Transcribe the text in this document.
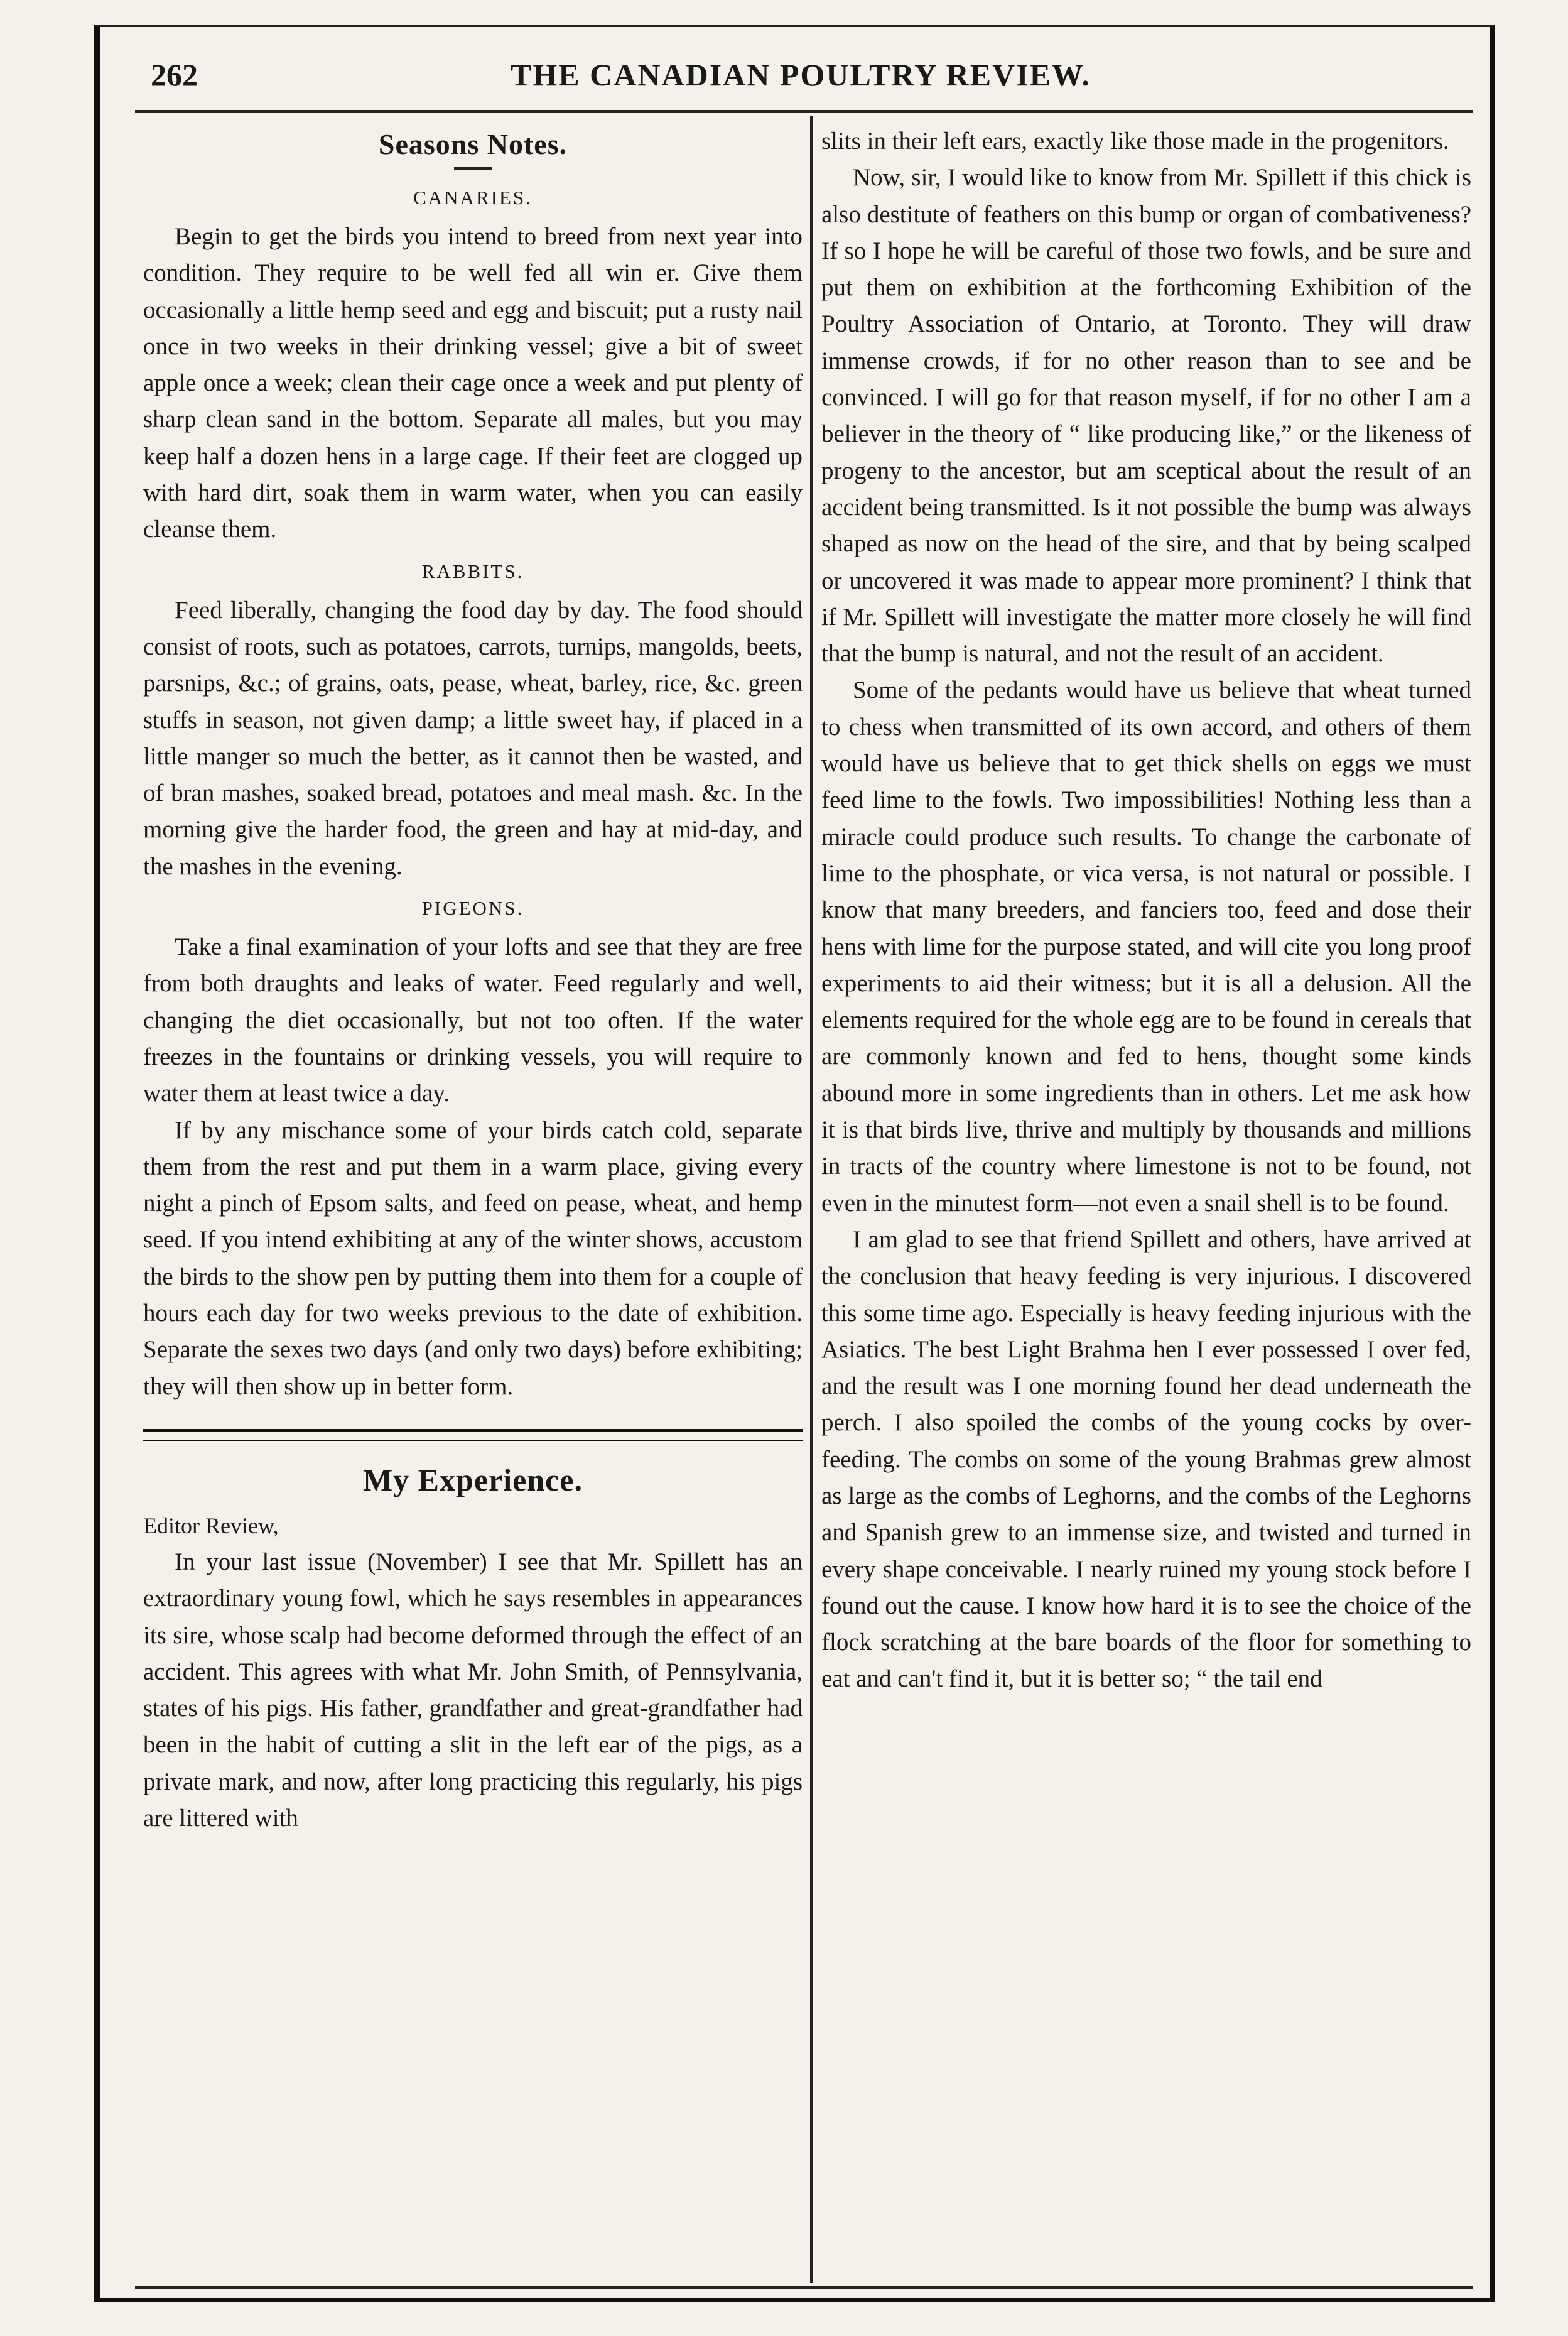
262	THE CANADIAN POULTRY REVIEW.
Seasons Notes.
CANARIES.

Begin to get the birds you intend to breed from next year into condition. They require to be well fed all win er. Give them occasionally a little hemp seed and egg and biscuit; put a rusty nail once in two weeks in their drinking vessel; give a bit of sweet apple once a week; clean their cage once a week and put plenty of sharp clean sand in the bottom. Separate all males, but you may keep half a dozen hens in a large cage. If their feet are clogged up with hard dirt, soak them in warm water, when you can easily cleanse them.

RABBITS.

Feed liberally, changing the food day by day. The food should consist of roots, such as potatoes, carrots, turnips, mangolds, beets, parsnips, &c.; of grains, oats, pease, wheat, barley, rice, &c. green stuffs in season, not given damp; a little sweet hay, if placed in a little manger so much the better, as it cannot then be wasted, and of bran mashes, soaked bread, potatoes and meal mash. &c. In the morning give the harder food, the green and hay at mid-day, and the mashes in the evening.

PIGEONS.

Take a final examination of your lofts and see that they are free from both draughts and leaks of water. Feed regularly and well, changing the diet occasionally, but not too often. If the water freezes in the fountains or drinking vessels, you will require to water them at least twice a day.

If by any mischance some of your birds catch cold, separate them from the rest and put them in a warm place, giving every night a pinch of Epsom salts, and feed on pease, wheat, and hemp seed. If you intend exhibiting at any of the winter shows, accustom the birds to the show pen by putting them into them for a couple of hours each day for two weeks previous to the date of exhibition. Separate the sexes two days (and only two days) before exhibiting; they will then show up in better form.

My Experience.
Editor Review,

In your last issue (November) I see that Mr. Spillett has an extraordinary young fowl, which he says resembles in appearances its sire, whose scalp had become deformed through the effect of an accident. This agrees with what Mr. John Smith, of Pennsylvania, states of his pigs. His father, grandfather and great-grandfather had been in the habit of cutting a slit in the left ear of the pigs, as a private mark, and now, after long practicing this regularly, his pigs are littered with

slits in their left ears, exactly like those made in the progenitors.

Now, sir, I would like to know from Mr. Spillett if this chick is also destitute of feathers on this bump or organ of combativeness? If so I hope he will be careful of those two fowls, and be sure and put them on exhibition at the forthcoming Exhibition of the Poultry Association of Ontario, at Toronto. They will draw immense crowds, if for no other reason than to see and be convinced. I will go for that reason myself, if for no other I am a believer in the theory of “ like producing like,” or the likeness of progeny to the ancestor, but am sceptical about the result of an accident being transmitted. Is it not possible the bump was always shaped as now on the head of the sire, and that by being scalped or uncovered it was made to appear more prominent? I think that if Mr. Spillett will investigate the matter more closely he will find that the bump is natural, and not the result of an accident.

Some of the pedants would have us believe that wheat turned to chess when transmitted of its own accord, and others of them would have us believe that to get thick shells on eggs we must feed lime to the fowls. Two impossibilities! Nothing less than a miracle could produce such results. To change the carbonate of lime to the phosphate, or vica versa, is not natural or possible. I know that many breeders, and fanciers too, feed and dose their hens with lime for the purpose stated, and will cite you long proof experiments to aid their witness; but it is all a delusion. All the elements required for the whole egg are to be found in cereals that are commonly known and fed to hens, thought some kinds abound more in some ingredients than in others. Let me ask how it is that birds live, thrive and multiply by thousands and millions in tracts of the country where limestone is not to be found, not even in the minutest form—not even a snail shell is to be found.

I am glad to see that friend Spillett and others, have arrived at the conclusion that heavy feeding is very injurious. I discovered this some time ago. Especially is heavy feeding injurious with the Asiatics. The best Light Brahma hen I ever possessed I over fed, and the result was I one morning found her dead underneath the perch. I also spoiled the combs of the young cocks by over-feeding. The combs on some of the young Brahmas grew almost as large as the combs of Leghorns, and the combs of the Leghorns and Spanish grew to an immense size, and twisted and turned in every shape conceivable. I nearly ruined my young stock before I found out the cause. I know how hard it is to see the choice of the flock scratching at the bare boards of the floor for something to eat and can't find it, but it is better so; “ the tail end
